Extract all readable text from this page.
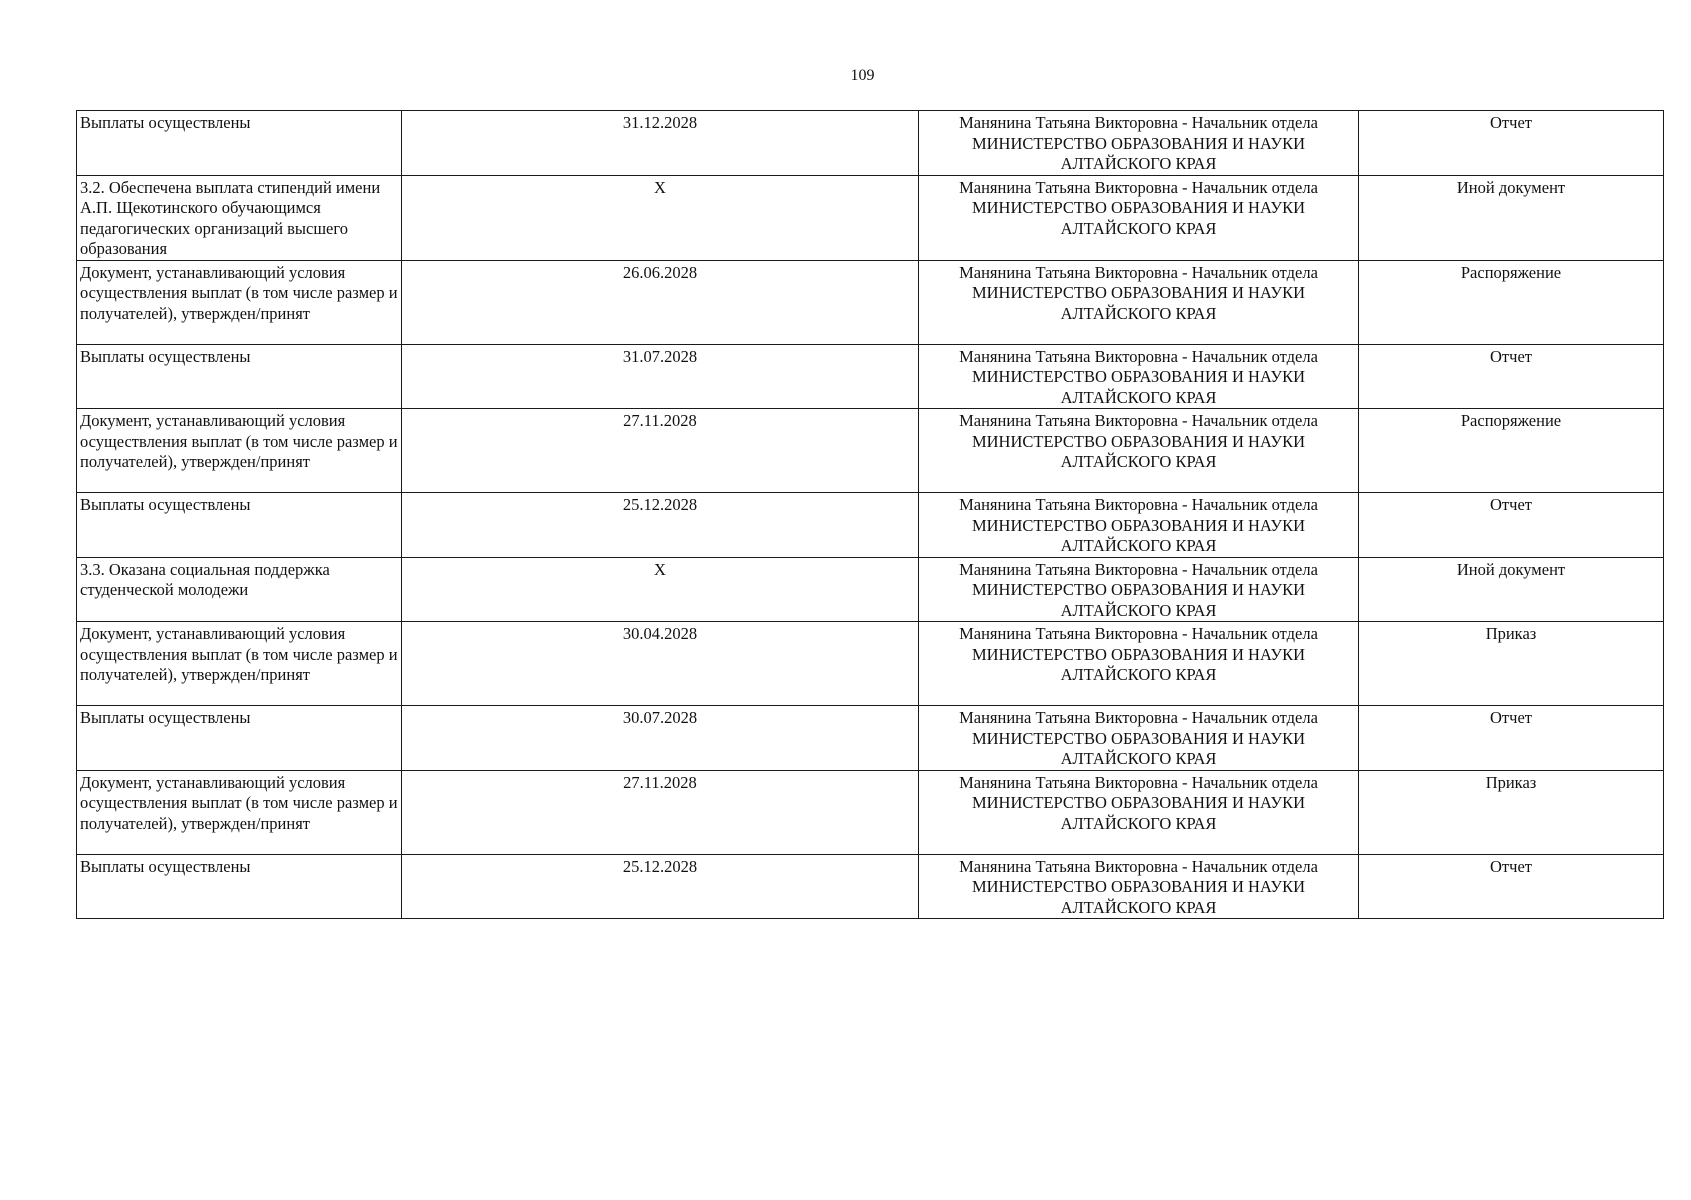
109
Выплаты осуществлены	31.12.2028	Манянина Татьяна Викторовна - Начальник отдела МИНИСТЕРСТВО ОБРАЗОВАНИЯ И НАУКИ АЛТАЙСКОГО КРАЯ	Отчет
3.2. Обеспечена выплата стипендий имени А.П. Щекотинского обучающимся педагогических организаций высшего образования	X	Манянина Татьяна Викторовна - Начальник отдела МИНИСТЕРСТВО ОБРАЗОВАНИЯ И НАУКИ АЛТАЙСКОГО КРАЯ	Иной документ
Документ, устанавливающий условия осуществления выплат (в том числе размер и получателей), утвержден/принят	26.06.2028	Манянина Татьяна Викторовна - Начальник отдела МИНИСТЕРСТВО ОБРАЗОВАНИЯ И НАУКИ АЛТАЙСКОГО КРАЯ	Распоряжение
Выплаты осуществлены	31.07.2028	Манянина Татьяна Викторовна - Начальник отдела МИНИСТЕРСТВО ОБРАЗОВАНИЯ И НАУКИ АЛТАЙСКОГО КРАЯ	Отчет
Документ, устанавливающий условия осуществления выплат (в том числе размер и получателей), утвержден/принят	27.11.2028	Манянина Татьяна Викторовна - Начальник отдела МИНИСТЕРСТВО ОБРАЗОВАНИЯ И НАУКИ АЛТАЙСКОГО КРАЯ	Распоряжение
Выплаты осуществлены	25.12.2028	Манянина Татьяна Викторовна - Начальник отдела МИНИСТЕРСТВО ОБРАЗОВАНИЯ И НАУКИ АЛТАЙСКОГО КРАЯ	Отчет
3.3. Оказана социальная поддержка студенческой молодежи	X	Манянина Татьяна Викторовна - Начальник отдела МИНИСТЕРСТВО ОБРАЗОВАНИЯ И НАУКИ АЛТАЙСКОГО КРАЯ	Иной документ
Документ, устанавливающий условия осуществления выплат (в том числе размер и получателей), утвержден/принят	30.04.2028	Манянина Татьяна Викторовна - Начальник отдела МИНИСТЕРСТВО ОБРАЗОВАНИЯ И НАУКИ АЛТАЙСКОГО КРАЯ	Приказ
Выплаты осуществлены	30.07.2028	Манянина Татьяна Викторовна - Начальник отдела МИНИСТЕРСТВО ОБРАЗОВАНИЯ И НАУКИ АЛТАЙСКОГО КРАЯ	Отчет
Документ, устанавливающий условия осуществления выплат (в том числе размер и получателей), утвержден/принят	27.11.2028	Манянина Татьяна Викторовна - Начальник отдела МИНИСТЕРСТВО ОБРАЗОВАНИЯ И НАУКИ АЛТАЙСКОГО КРАЯ	Приказ
Выплаты осуществлены	25.12.2028	Манянина Татьяна Викторовна - Начальник отдела МИНИСТЕРСТВО ОБРАЗОВАНИЯ И НАУКИ АЛТАЙСКОГО КРАЯ	Отчет
